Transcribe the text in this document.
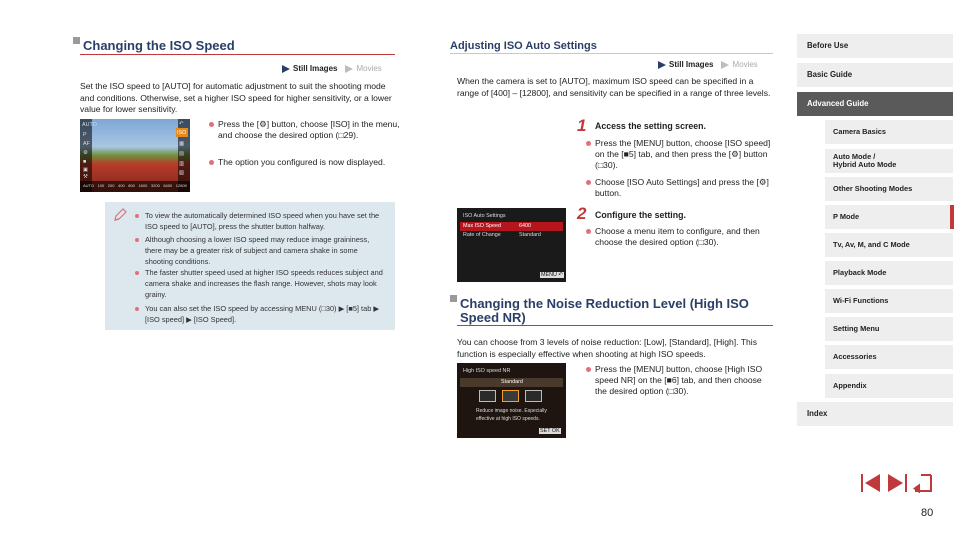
Changing the ISO Speed
Still Images Movies
Set the ISO speed to [AUTO] for automatic adjustment to suit the shooting mode and conditions. Otherwise, set a higher ISO speed for higher sensitivity, or a lower value for lower sensitivity.
AUTO
P
AF
⚙
■
▣
⚒
↶
ISO
▦
▤
▥
▧
AUTO 100 200 400 800 1600 3200 6400 12800
Press the [⚙] button, choose [ISO] in the menu, and choose the desired option (□29).
The option you configured is now displayed.
To view the automatically determined ISO speed when you have set the ISO speed to [AUTO], press the shutter button halfway.
Although choosing a lower ISO speed may reduce image graininess, there may be a greater risk of subject and camera shake in some shooting conditions.
The faster shutter speed used at higher ISO speeds reduces subject and camera shake and increases the flash range. However, shots may look grainy.
You can also set the ISO speed by accessing MENU (□30) ▶ [■5] tab ▶ [ISO speed] ▶ [ISO Speed].
Adjusting ISO Auto Settings
Still Images Movies
When the camera is set to [AUTO], maximum ISO speed can be specified in a range of [400] – [12800], and sensitivity can be specified in a range of three levels.
1 Access the setting screen.
Press the [MENU] button, choose [ISO speed] on the [■5] tab, and then press the [⚙] button (□30).
Choose [ISO Auto Settings] and press the [⚙] button.
2 Configure the setting.
Choose a menu item to configure, and then choose the desired option (□30).
ISO Auto Settings
Max ISO Speed	6400
Rate of Change	Standard
MENU ↶
Changing the Noise Reduction Level (High ISO Speed NR)
You can choose from 3 levels of noise reduction: [Low], [Standard], [High]. This function is especially effective when shooting at high ISO speeds.
High ISO speed NR
Standard
Reduce image noise. Especially effective at high ISO speeds.
SET OK
Press the [MENU] button, choose [High ISO speed NR] on the [■6] tab, and then choose the desired option (□30).
Before Use
Basic Guide
Advanced Guide
Camera Basics
Auto Mode /
Hybrid Auto Mode
Other Shooting Modes
P Mode
Tv, Av, M, and C Mode
Playback Mode
Wi-Fi Functions
Setting Menu
Accessories
Appendix
Index
80
